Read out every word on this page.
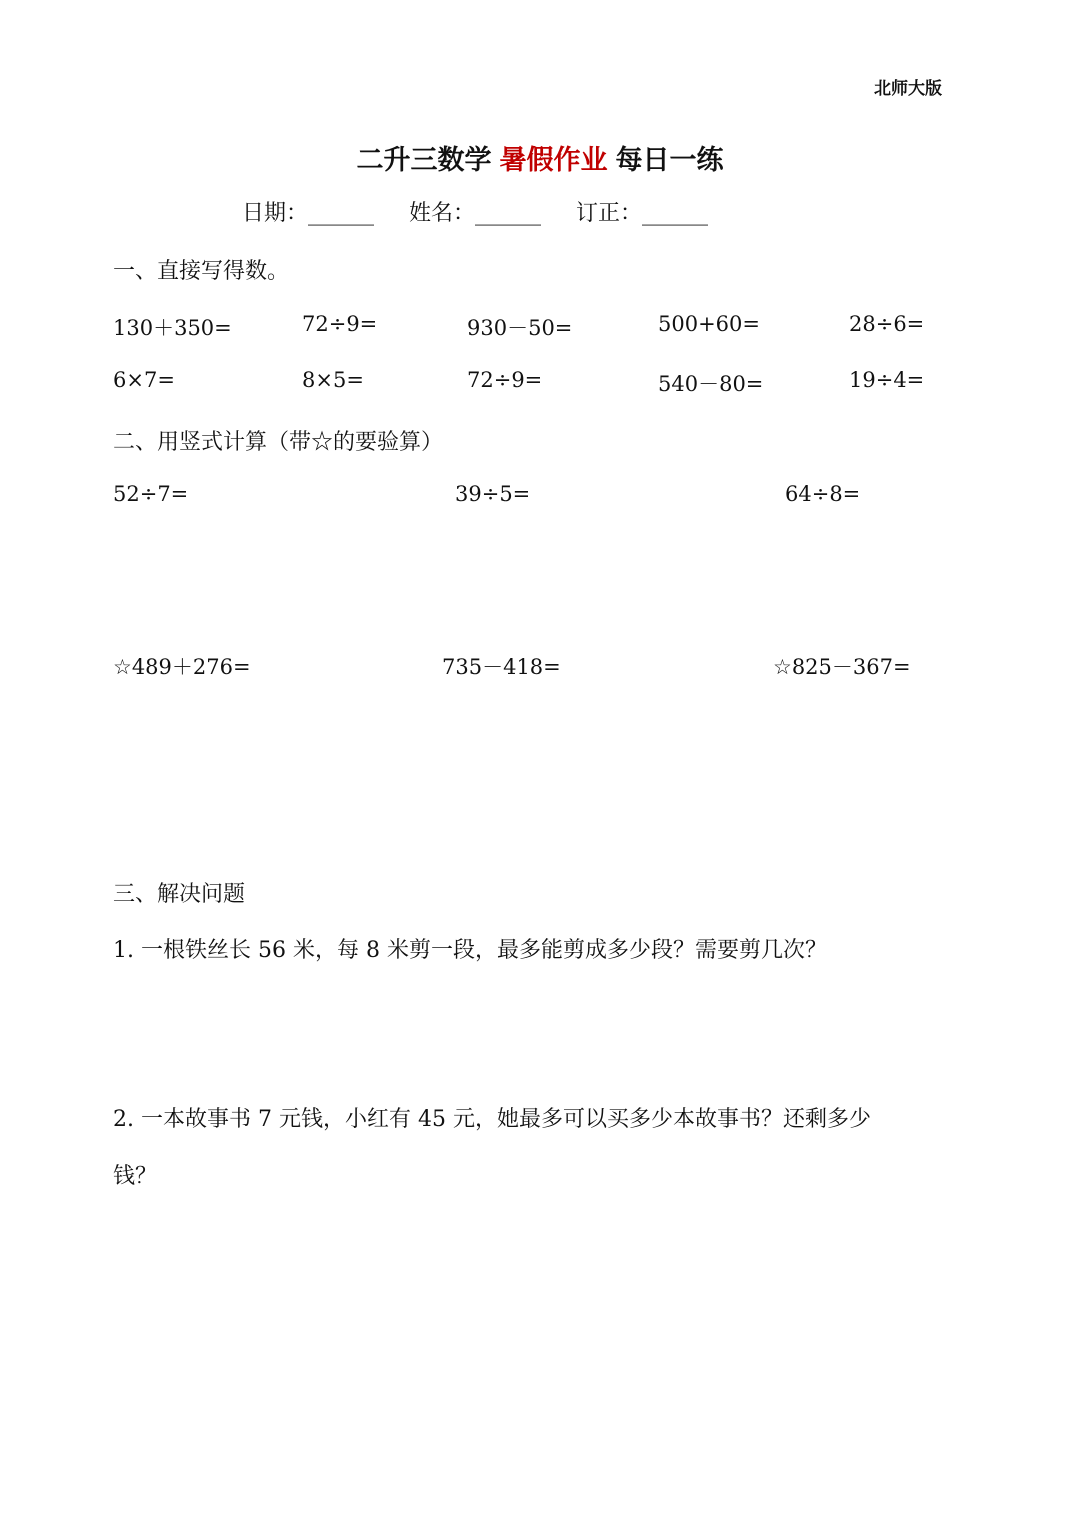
北师大版
二升三数学 暑假作业 每日一练
日期：______ 姓名：______ 订正：______
一、直接写得数。
130＋350=	72÷9=	930－50=	500+60=	28÷6=
6×7=	8×5=	72÷9=	540－80=	19÷4=
二、用竖式计算（带☆的要验算）
52÷7=	39÷5=	64÷8=
☆489＋276=	735－418=	☆825－367=
三、解决问题
1. 一根铁丝长 56 米，每 8 米剪一段，最多能剪成多少段？需要剪几次？
2. 一本故事书 7 元钱，小红有 45 元，她最多可以买多少本故事书？还剩多少
钱？
